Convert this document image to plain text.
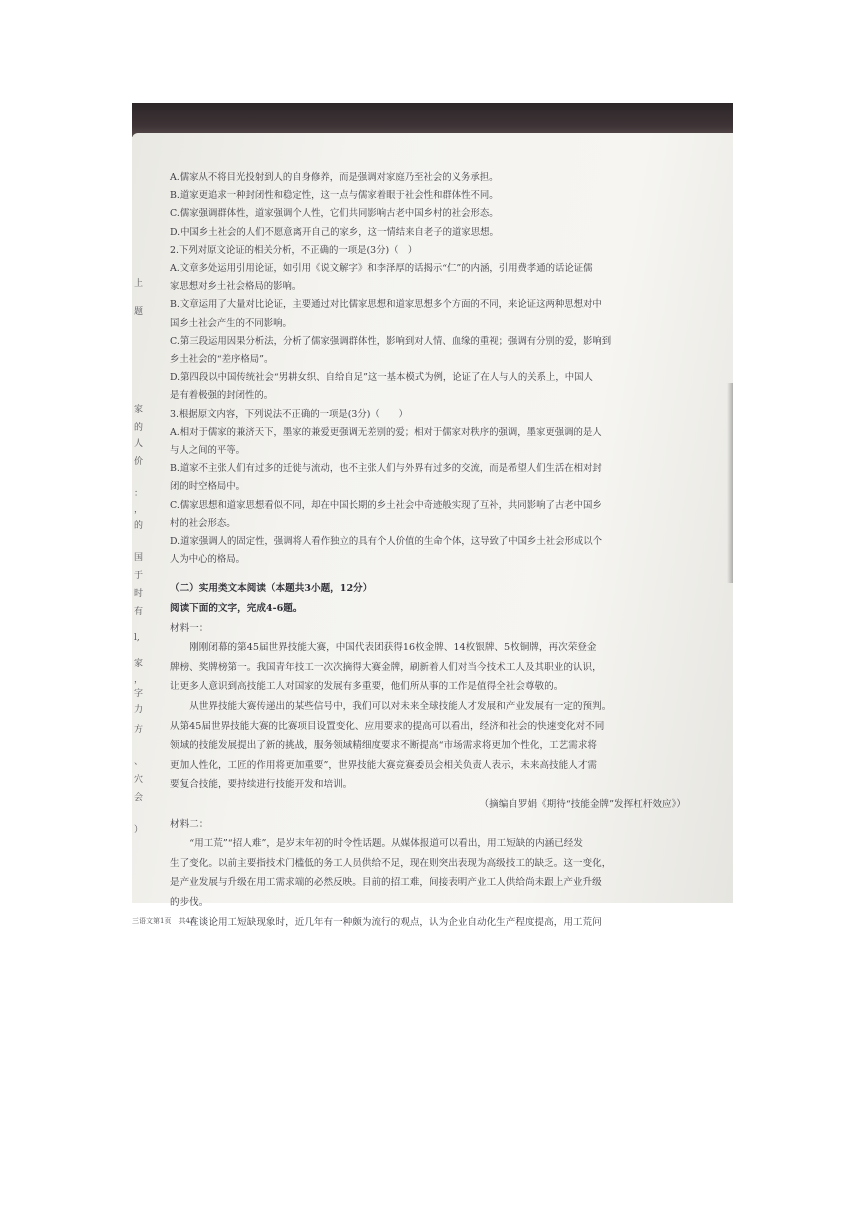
上
题
家
的
人
价
：
，
的
国
于
时
有
l,
家
，
字
力
方
、
穴
会
）
三语文第1页　共4页

A.儒家从不将目光投射到人的自身修养，而是强调对家庭乃至社会的义务承担。

B.道家更追求一种封闭性和稳定性，这一点与儒家着眼于社会性和群体性不同。

C.儒家强调群体性，道家强调个人性，它们共同影响古老中国乡村的社会形态。

D.中国乡土社会的人们不愿意离开自己的家乡，这一情结来自老子的道家思想。

2.下列对原文论证的相关分析，不正确的一项是(3分)（　）

A.文章多处运用引用论证，如引用《说文解字》和李泽厚的话揭示“仁”的内涵，引用费孝通的话论证儒

家思想对乡土社会格局的影响。

B.文章运用了大量对比论证，主要通过对比儒家思想和道家思想多个方面的不同，来论证这两种思想对中

国乡土社会产生的不同影响。

C.第三段运用因果分析法，分析了儒家强调群体性，影响到对人情、血缘的重视；强调有分别的爱，影响到

乡土社会的“差序格局”。

D.第四段以中国传统社会“男耕女织、自给自足”这一基本模式为例，论证了在人与人的关系上，中国人

是有着极强的封闭性的。

3.根据原文内容，下列说法不正确的一项是(3分)（　　）

A.相对于儒家的兼济天下，墨家的兼爱更强调无差别的爱；相对于儒家对秩序的强调，墨家更强调的是人

与人之间的平等。

B.道家不主张人们有过多的迁徙与流动，也不主张人们与外界有过多的交流，而是希望人们生活在相对封

闭的时空格局中。

C.儒家思想和道家思想看似不同，却在中国长期的乡土社会中奇迹般实现了互补，共同影响了古老中国乡

村的社会形态。

D.道家强调人的固定性，强调将人看作独立的具有个人价值的生命个体，这导致了中国乡土社会形成以个

人为中心的格局。

（二）实用类文本阅读（本题共3小题，12分）

阅读下面的文字，完成4-6题。

材料一：

刚刚闭幕的第45届世界技能大赛，中国代表团获得16枚金牌、14枚银牌、5枚铜牌，再次荣登金

牌榜、奖牌榜第一。我国青年技工一次次摘得大赛金牌，刷新着人们对当今技术工人及其职业的认识，

让更多人意识到高技能工人对国家的发展有多重要，他们所从事的工作是值得全社会尊敬的。

从世界技能大赛传递出的某些信号中，我们可以对未来全球技能人才发展和产业发展有一定的预判。

从第45届世界技能大赛的比赛项目设置变化、应用要求的提高可以看出，经济和社会的快速变化对不同

领域的技能发展提出了新的挑战，服务领域精细度要求不断提高“市场需求将更加个性化，工艺需求将

更加人性化，工匠的作用将更加重要”，世界技能大赛竞赛委员会相关负责人表示，未来高技能人才需

要复合技能，要持续进行技能开发和培训。

（摘编自罗娟《期待“技能金牌”发挥杠杆效应》）

材料二：

“用工荒”“招人难”，是岁末年初的时令性话题。从媒体报道可以看出，用工短缺的内涵已经发

生了变化。以前主要指技术门槛低的务工人员供给不足，现在则突出表现为高级技工的缺乏。这一变化，

是产业发展与升级在用工需求端的必然反映。目前的招工难，间接表明产业工人供给尚未跟上产业升级

的步伐。

在谈论用工短缺现象时，近几年有一种颇为流行的观点，认为企业自动化生产程度提高，用工荒问
